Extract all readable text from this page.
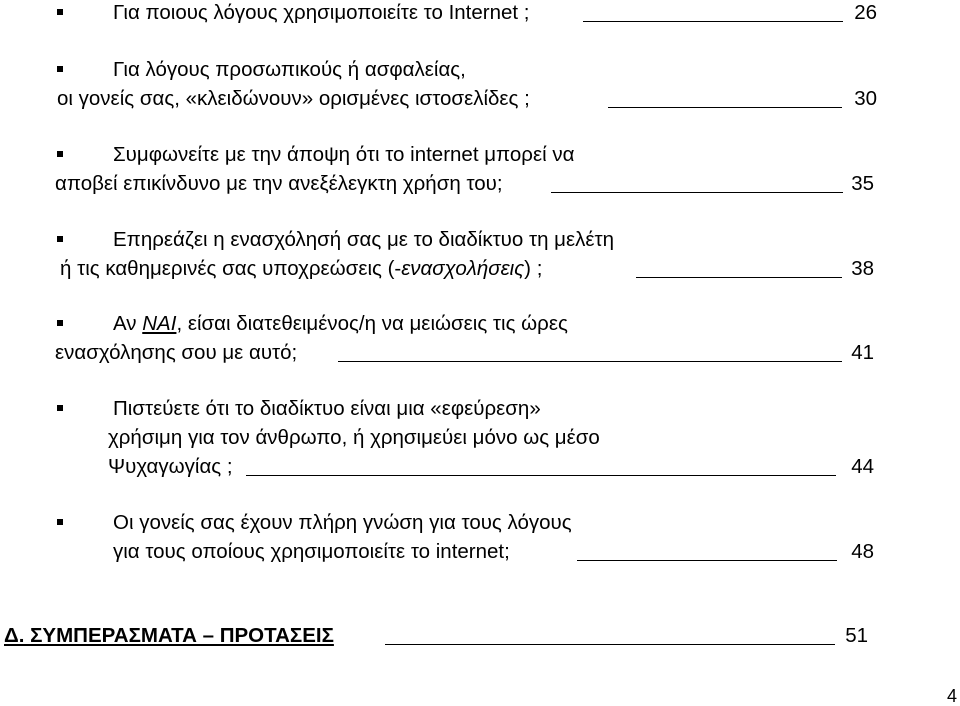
Για ποιους λόγους χρησιμοποιείτε το Internet ;	26
Για λόγους προσωπικούς ή ασφαλείας,
οι γονείς σας, «κλειδώνουν» ορισμένες ιστοσελίδες ;	30
Συμφωνείτε με την άποψη ότι το internet μπορεί να
αποβεί επικίνδυνο με την ανεξέλεγκτη χρήση του;	35
Επηρεάζει η ενασχόλησή σας με το διαδίκτυο τη μελέτη
ή τις καθημερινές σας υποχρεώσεις (-ενασχολήσεις) ;	38
Αν ΝΑΙ, είσαι διατεθειμένος/η να μειώσεις τις ώρες
ενασχόλησης σου με αυτό;	41
Πιστεύετε ότι το διαδίκτυο είναι μια «εφεύρεση»
χρήσιμη για τον άνθρωπο, ή χρησιμεύει μόνο ως μέσο
Ψυχαγωγίας ;	44
Οι γονείς σας έχουν πλήρη γνώση για τους λόγους
για τους οποίους χρησιμοποιείτε το internet;	48
Δ. ΣΥΜΠΕΡΑΣΜΑΤΑ – ΠΡΟΤΑΣΕΙΣ	51
4
